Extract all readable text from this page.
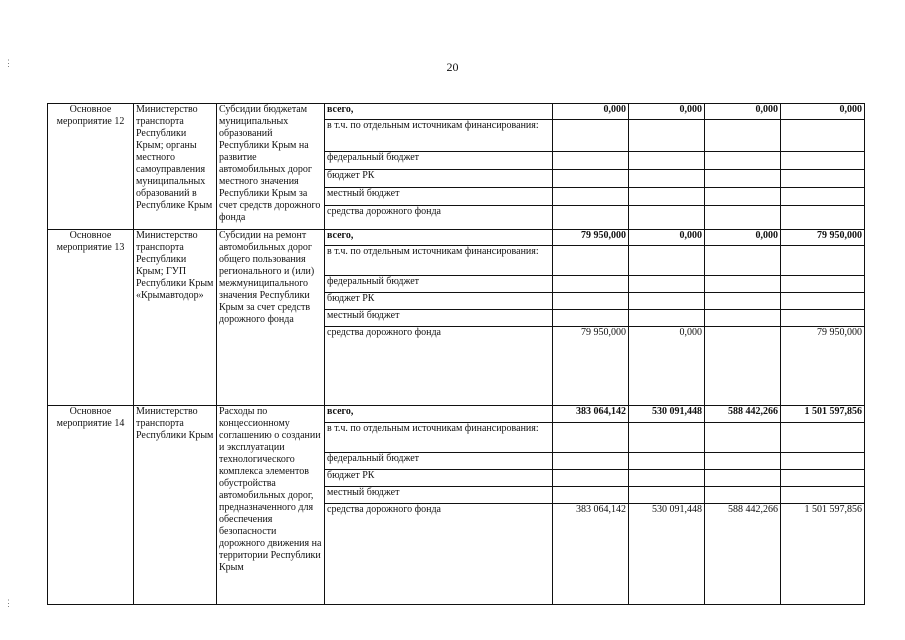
20
⋮
⋮
Основное мероприятие 12	Министерство транспорта Республики Крым; органы местного самоуправления муниципальных образований в Республике Крым	Субсидии бюджетам муниципальных образований Республики Крым на развитие автомобильных дорог местного значения Республики Крым за счет средств дорожного фонда	всего,	0,000	0,000	0,000	0,000
			в т.ч. по отдельным источникам финансирования:				
			федеральный бюджет				
			бюджет РК				
			местный бюджет				
			средства дорожного фонда				
Основное мероприятие 13	Министерство транспорта Республики Крым; ГУП Республики Крым «Крымавтодор»	Субсидии на ремонт автомобильных дорог общего пользования регионального и (или) межмуниципального значения Республики Крым за счет средств дорожного фонда	всего,	79 950,000	0,000	0,000	79 950,000
			в т.ч. по отдельным источникам финансирования:				
			федеральный бюджет				
			бюджет РК				
			местный бюджет				
			средства дорожного фонда	79 950,000	0,000		79 950,000
Основное мероприятие 14	Министерство транспорта Республики Крым	Расходы по концессионному соглашению о создании и эксплуатации технологического комплекса элементов обустройства автомобильных дорог, предназначенного для обеспечения безопасности дорожного движения на территории Республики Крым	всего,	383 064,142	530 091,448	588 442,266	1 501 597,856
			в т.ч. по отдельным источникам финансирования:				
			федеральный бюджет				
			бюджет РК				
			местный бюджет				
			средства дорожного фонда	383 064,142	530 091,448	588 442,266	1 501 597,856
